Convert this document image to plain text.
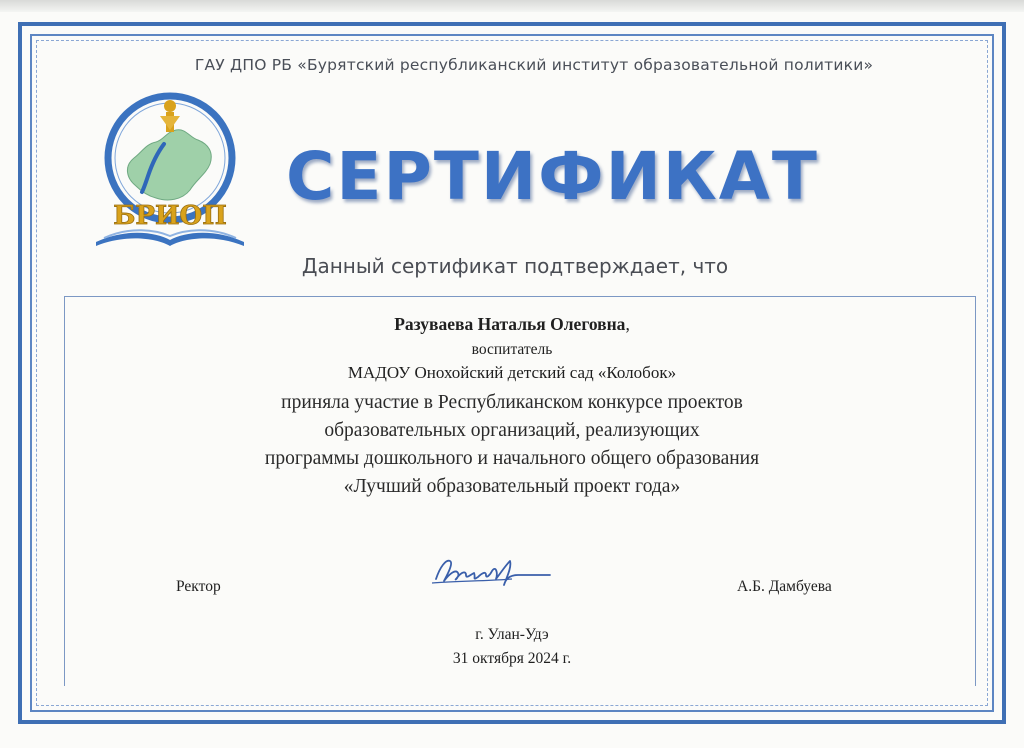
ГАУ ДПО РБ «Бурятский республиканский институт образовательной политики»
БРИОП
СЕРТИФИКАТ
Данный сертификат подтверждает, что
Разуваева Наталья Олеговна,
воспитатель
МАДОУ Онохойский детский сад «Колобок»
приняла участие в Республиканском конкурсе проектов
образовательных организаций, реализующих
программы дошкольного и начального общего образования
«Лучший образовательный проект года»
Ректор	А.Б. Дамбуева
г. Улан-Удэ
31 октября 2024 г.
